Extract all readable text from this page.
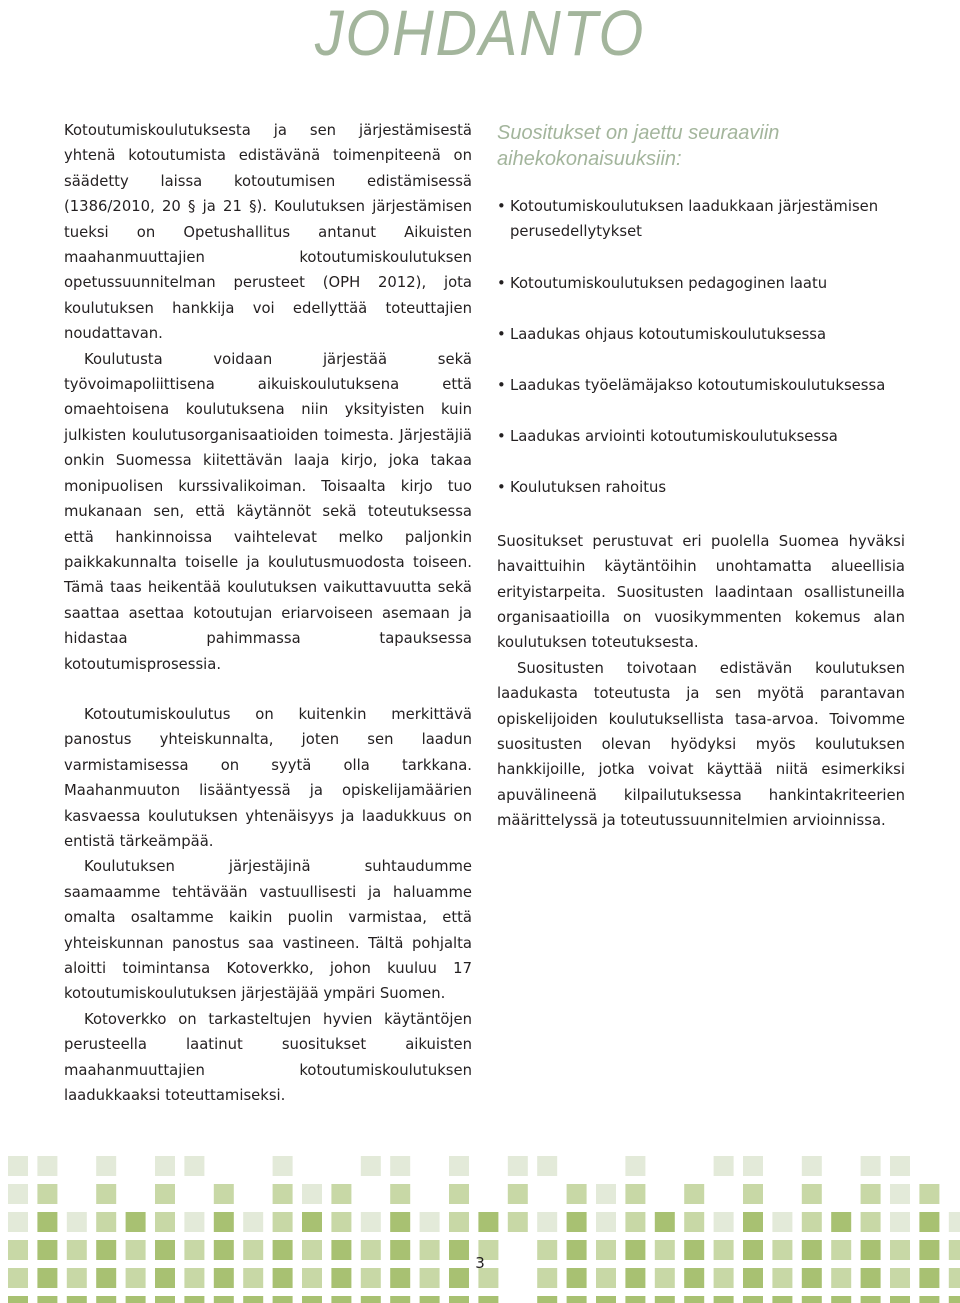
JOHDANTO

Kotoutumiskoulutuksesta ja sen järjestämisestä yhtenä kotoutumista edistävänä toimenpiteenä on säädetty laissa kotoutumisen edistämisessä (1386/2010, 20 § ja 21 §). Koulutuksen järjestämisen tueksi on Opetushallitus antanut Aikuisten maahanmuuttajien kotoutumiskoulutuksen opetussuunnitelman perusteet (OPH 2012), jota koulutuksen hankkija voi edellyttää toteuttajien noudattavan.

Koulutusta voidaan järjestää sekä työvoimapoliittisena aikuiskoulutuksena että omaehtoisena koulutuksena niin yksityisten kuin julkisten koulutusorganisaatioiden toimesta. Järjestäjiä onkin Suomessa kiitettävän laaja kirjo, joka takaa monipuolisen kurssivalikoiman. Toisaalta kirjo tuo mukanaan sen, että käytännöt sekä toteutuksessa että hankinnoissa vaihtelevat melko paljonkin paikkakunnalta toiselle ja koulutusmuodosta toiseen. Tämä taas heikentää koulutuksen vaikuttavuutta sekä saattaa asettaa kotoutujan eriarvoiseen asemaan ja hidastaa pahimmassa tapauksessa kotoutumisprosessia.

Kotoutumiskoulutus on kuitenkin merkittävä panostus yhteiskunnalta, joten sen laadun varmistamisessa on syytä olla tarkkana. Maahanmuuton lisääntyessä ja opiskelijamäärien kasvaessa koulutuksen yhtenäisyys ja laadukkuus on entistä tärkeämpää.

Koulutuksen järjestäjinä suhtaudumme saamaamme tehtävään vastuullisesti ja haluamme omalta osaltamme kaikin puolin varmistaa, että yhteiskunnan panostus saa vastineen. Tältä pohjalta aloitti toimintansa Kotoverkko, johon kuuluu 17 kotoutumiskoulutuksen järjestäjää ympäri Suomen.

Kotoverkko on tarkasteltujen hyvien käytäntöjen perusteella laatinut suositukset aikuisten maahanmuuttajien kotoutumiskoulutuksen laadukkaaksi toteuttamiseksi.

Suositukset on jaettu seuraaviin aihekokonaisuuksiin:
• Kotoutumiskoulutuksen laadukkaan järjestämisen perusedellytykset
• Kotoutumiskoulutuksen pedagoginen laatu
• Laadukas ohjaus kotoutumiskoulutuksessa
• Laadukas työelämäjakso kotoutumiskoulutuksessa
• Laadukas arviointi kotoutumiskoulutuksessa
• Koulutuksen rahoitus

Suositukset perustuvat eri puolella Suomea hyväksi havaittuihin käytäntöihin unohtamatta alueellisia erityistarpeita. Suositusten laadintaan osallistuneilla organisaatioilla on vuosikymmenten kokemus alan koulutuksen toteutuksesta.

Suositusten toivotaan edistävän koulutuksen laadukasta toteutusta ja sen myötä parantavan opiskelijoiden koulutuksellista tasa-arvoa. Toivomme suositusten olevan hyödyksi myös koulutuksen hankkijoille, jotka voivat käyttää niitä esimerkiksi apuvälineenä kilpailutuksessa hankintakriteerien määrittelyssä ja toteutussuunnitelmien arvioinnissa.

3
